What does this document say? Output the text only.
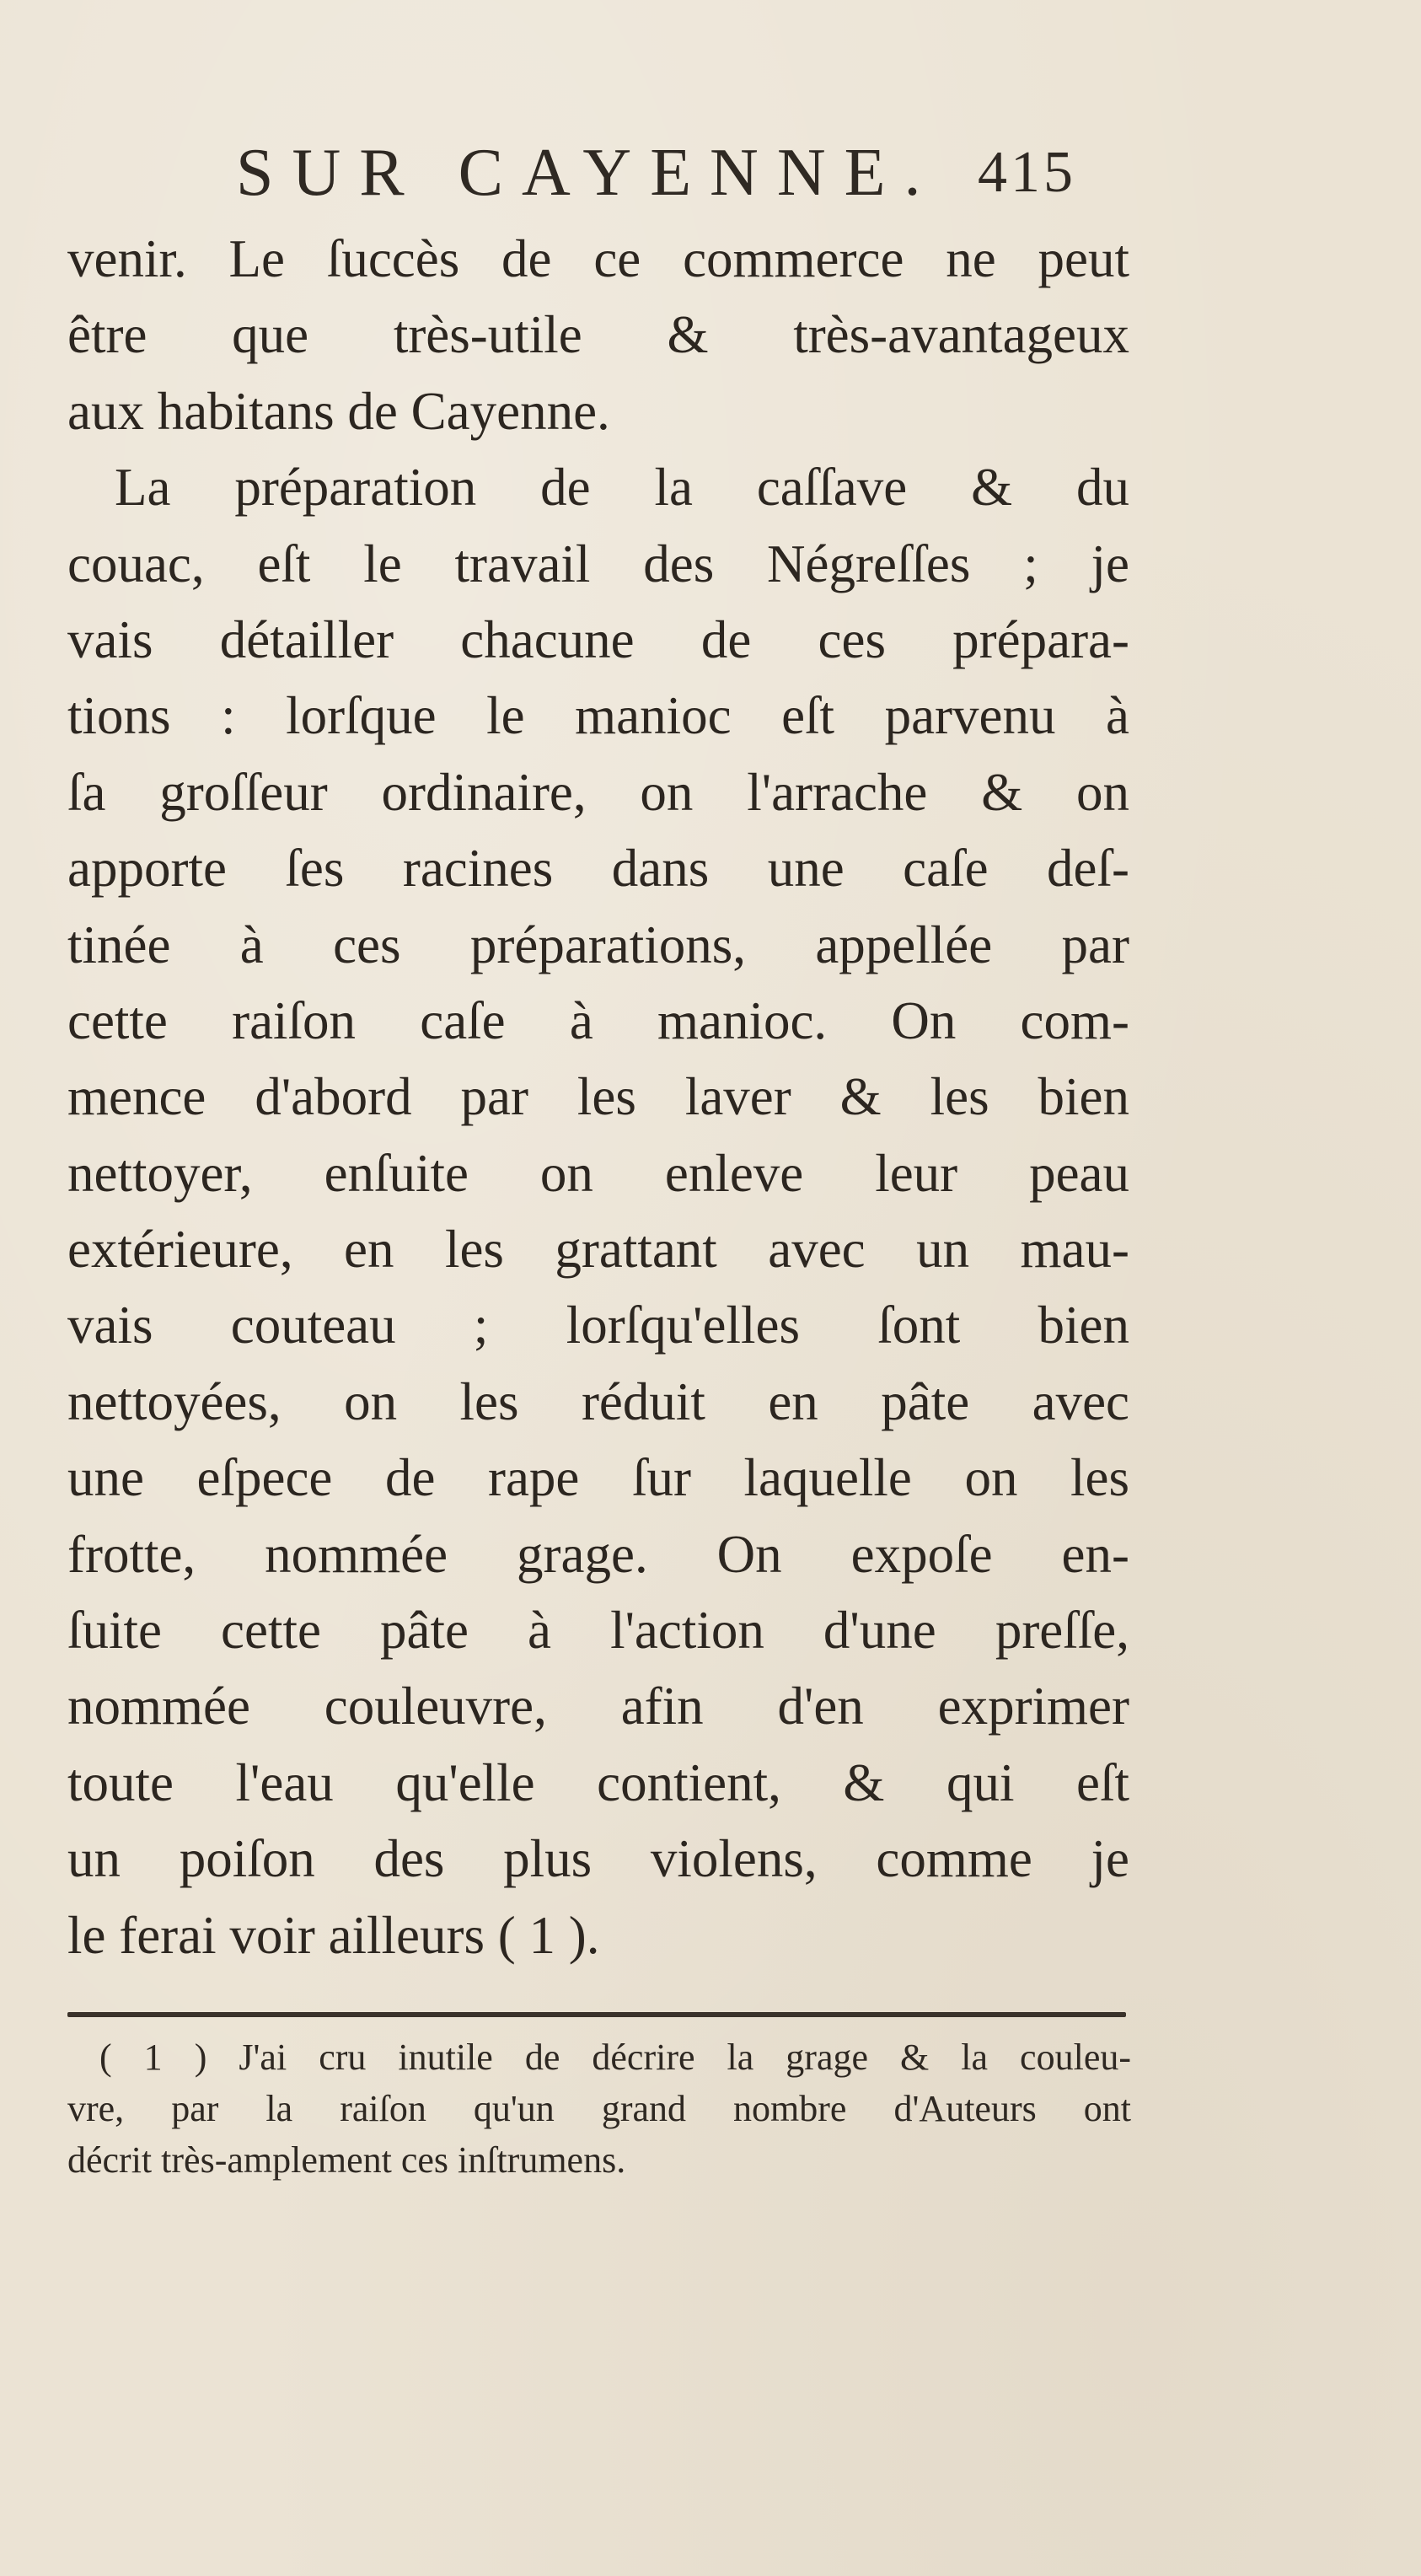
SUR CAYENNE. 415
venir. Le ſuccès de ce commerce ne peut
être que très-utile & très-avantageux
aux habitans de Cayenne.
La préparation de la caſſave & du
couac, eſt le travail des Négreſſes ; je
vais détailler chacune de ces prépara-
tions : lorſque le manioc eſt parvenu à
ſa groſſeur ordinaire, on l'arrache & on
apporte ſes racines dans une caſe deſ-
tinée à ces préparations, appellée par
cette raiſon caſe à manioc. On com-
mence d'abord par les laver & les bien
nettoyer, enſuite on enleve leur peau
extérieure, en les grattant avec un mau-
vais couteau ; lorſqu'elles ſont bien
nettoyées, on les réduit en pâte avec
une eſpece de rape ſur laquelle on les
frotte, nommée grage. On expoſe en-
ſuite cette pâte à l'action d'une preſſe,
nommée couleuvre, afin d'en exprimer
toute l'eau qu'elle contient, & qui eſt
un poiſon des plus violens, comme je
le ferai voir ailleurs ( 1 ).
( 1 ) J'ai cru inutile de décrire la grage & la couleu-
vre, par la raiſon qu'un grand nombre d'Auteurs ont
décrit très-amplement ces inſtrumens.
